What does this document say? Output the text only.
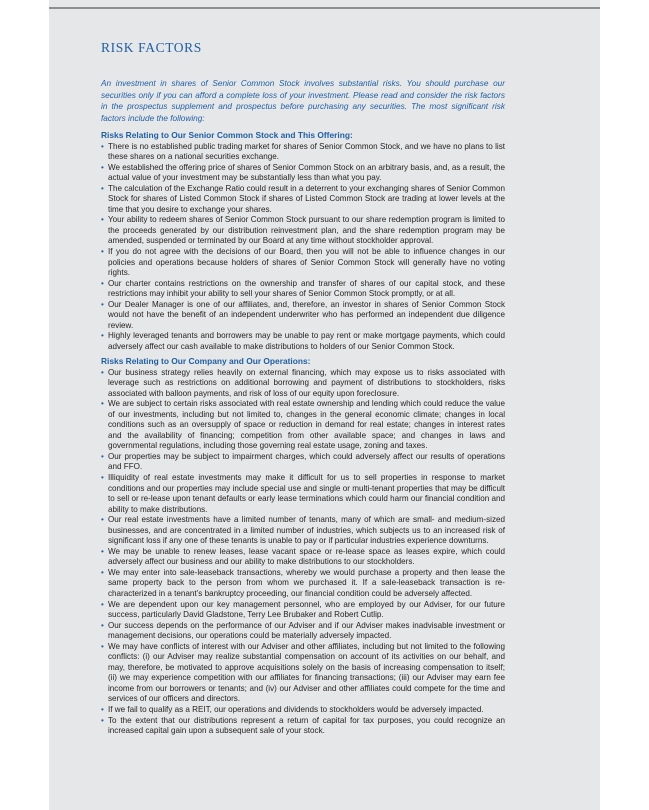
RISK FACTORS

An investment in shares of Senior Common Stock involves substantial risks. You should purchase our securities only if you can afford a complete loss of your investment. Please read and consider the risk factors in the prospectus supplement and prospectus before purchasing any securities. The most significant risk factors include the following:

Risks Relating to Our Senior Common Stock and This Offering:
• There is no established public trading market for shares of Senior Common Stock, and we have no plans to list these shares on a national securities exchange.
• We established the offering price of shares of Senior Common Stock on an arbitrary basis, and, as a result, the actual value of your investment may be substantially less than what you pay.
• The calculation of the Exchange Ratio could result in a deterrent to your exchanging shares of Senior Common Stock for shares of Listed Common Stock if shares of Listed Common Stock are trading at lower levels at the time that you desire to exchange your shares.
• Your ability to redeem shares of Senior Common Stock pursuant to our share redemption program is limited to the proceeds generated by our distribution reinvestment plan, and the share redemption program may be amended, suspended or terminated by our Board at any time without stockholder approval.
• If you do not agree with the decisions of our Board, then you will not be able to influence changes in our policies and operations because holders of shares of Senior Common Stock will generally have no voting rights.
• Our charter contains restrictions on the ownership and transfer of shares of our capital stock, and these restrictions may inhibit your ability to sell your shares of Senior Common Stock promptly, or at all.
• Our Dealer Manager is one of our affiliates, and, therefore, an investor in shares of Senior Common Stock would not have the benefit of an independent underwriter who has performed an independent due diligence review.
• Highly leveraged tenants and borrowers may be unable to pay rent or make mortgage payments, which could adversely affect our cash available to make distributions to holders of our Senior Common Stock.
Risks Relating to Our Company and Our Operations:
• Our business strategy relies heavily on external financing, which may expose us to risks associated with leverage such as restrictions on additional borrowing and payment of distributions to stockholders, risks associated with balloon payments, and risk of loss of our equity upon foreclosure.
• We are subject to certain risks associated with real estate ownership and lending which could reduce the value of our investments, including but not limited to, changes in the general economic climate; changes in local conditions such as an oversupply of space or reduction in demand for real estate; changes in interest rates and the availability of financing; competition from other available space; and changes in laws and governmental regulations, including those governing real estate usage, zoning and taxes.
• Our properties may be subject to impairment charges, which could adversely affect our results of operations and FFO.
• Illiquidity of real estate investments may make it difficult for us to sell properties in response to market conditions and our properties may include special use and single or multi-tenant properties that may be difficult to sell or re-lease upon tenant defaults or early lease terminations which could harm our financial condition and ability to make distributions.
• Our real estate investments have a limited number of tenants, many of which are small- and medium-sized businesses, and are concentrated in a limited number of industries, which subjects us to an increased risk of significant loss if any one of these tenants is unable to pay or if particular industries experience downturns.
• We may be unable to renew leases, lease vacant space or re-lease space as leases expire, which could adversely affect our business and our ability to make distributions to our stockholders.
• We may enter into sale-leaseback transactions, whereby we would purchase a property and then lease the same property back to the person from whom we purchased it. If a sale-leaseback transaction is re-characterized in a tenant’s bankruptcy proceeding, our financial condition could be adversely affected.
• We are dependent upon our key management personnel, who are employed by our Adviser, for our future success, particularly David Gladstone, Terry Lee Brubaker and Robert Cutlip.
• Our success depends on the performance of our Adviser and if our Adviser makes inadvisable investment or management decisions, our operations could be materially adversely impacted.
• We may have conflicts of interest with our Adviser and other affiliates, including but not limited to the following conflicts: (i) our Adviser may realize substantial compensation on account of its activities on our behalf, and may, therefore, be motivated to approve acquisitions solely on the basis of increasing compensation to itself; (ii) we may experience competition with our affiliates for financing transactions; (iii) our Adviser may earn fee income from our borrowers or tenants; and (iv) our Adviser and other affiliates could compete for the time and services of our officers and directors.
• If we fail to qualify as a REIT, our operations and dividends to stockholders would be adversely impacted.
• To the extent that our distributions represent a return of capital for tax purposes, you could recognize an increased capital gain upon a subsequent sale of your stock.
